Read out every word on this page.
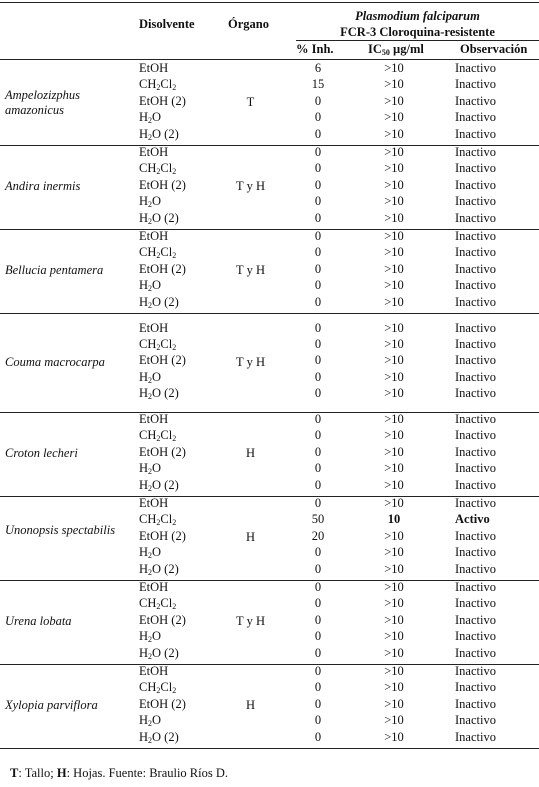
Disolvente	Órgano
Plasmodium falciparum
FCR-3 Cloroquina-resistente
% Inh.	$IC_{50}$ µg/ml	Observación
Ampelozizphus amazonicus
T
EtOH	6	>10	Inactivo
$CH_2Cl_2$	15	>10	Inactivo
EtOH (2)	0	>10	Inactivo
$H_2O$	0	>10	Inactivo
$H_2O$ (2)	0	>10	Inactivo
Andira inermis	T y H
EtOH	0	>10	Inactivo
$CH_2Cl_2$	0	>10	Inactivo
EtOH (2)	0	>10	Inactivo
$H_2O$	0	>10	Inactivo
$H_2O$ (2)	0	>10	Inactivo
Bellucia pentamera	T y H
EtOH	0	>10	Inactivo
$CH_2Cl_2$	0	>10	Inactivo
EtOH (2)	0	>10	Inactivo
$H_2O$	0	>10	Inactivo
$H_2O$ (2)	0	>10	Inactivo
Couma macrocarpa	T y H
EtOH	0	>10	Inactivo
$CH_2Cl_2$	0	>10	Inactivo
EtOH (2)	0	>10	Inactivo
$H_2O$	0	>10	Inactivo
$H_2O$ (2)	0	>10	Inactivo
Croton lecheri	H
EtOH	0	>10	Inactivo
$CH_2Cl_2$	0	>10	Inactivo
EtOH (2)	0	>10	Inactivo
$H_2O$	0	>10	Inactivo
$H_2O$ (2)	0	>10	Inactivo
Unonopsis spectabilis	H
EtOH	0	>10	Inactivo
$CH_2Cl_2$	50	10	Activo
EtOH (2)	20	>10	Inactivo
$H_2O$	0	>10	Inactivo
$H_2O$ (2)	0	>10	Inactivo
Urena lobata	T y H
EtOH	0	>10	Inactivo
$CH_2Cl_2$	0	>10	Inactivo
EtOH (2)	0	>10	Inactivo
$H_2O$	0	>10	Inactivo
$H_2O$ (2)	0	>10	Inactivo
Xylopia parviflora	H
EtOH	0	>10	Inactivo
$CH_2Cl_2$	0	>10	Inactivo
EtOH (2)	0	>10	Inactivo
$H_2O$	0	>10	Inactivo
$H_2O$ (2)	0	>10	Inactivo
T: Tallo; H: Hojas. Fuente: Braulio Ríos D.
